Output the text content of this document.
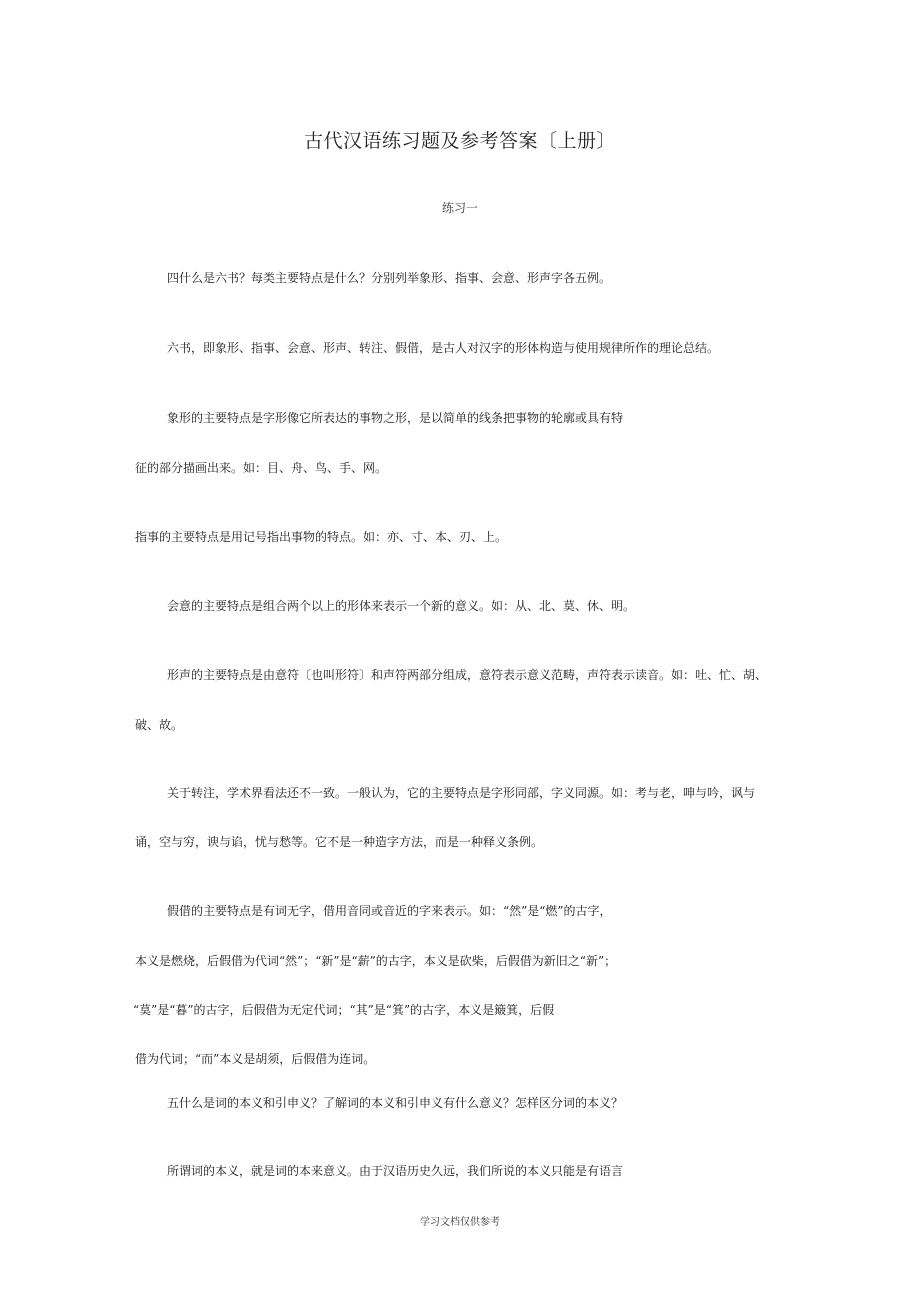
古代汉语练习题及参考答案〔上册〕
练习一
四什么是六书？每类主要特点是什么？分别列举象形、指事、会意、形声字各五例。
六书，即象形、指事、会意、形声、转注、假借，是古人对汉字的形体构造与使用规律所作的理论总结。
象形的主要特点是字形像它所表达的事物之形，是以简单的线条把事物的轮廓或具有特
征的部分描画出来。如：目、舟、鸟、手、网。
指事的主要特点是用记号指出事物的特点。如：亦、寸、本、刃、上。
会意的主要特点是组合两个以上的形体来表示一个新的意义。如：从、北、莫、休、明。
形声的主要特点是由意符〔也叫形符〕和声符两部分组成，意符表示意义范畴，声符表示读音。如：吐、忙、胡、
破、故。
关于转注，学术界看法还不一致。一般认为，它的主要特点是字形同部，字义同源。如：考与老，呻与吟，讽与
诵，空与穷，谀与谄，忧与愁等。它不是一种造字方法，而是一种释义条例。
假借的主要特点是有词无字，借用音同或音近的字来表示。如：“然”是“燃”的古字，
本义是燃烧，后假借为代词“然”；“新”是“薪”的古字，本义是砍柴，后假借为新旧之“新”；
“莫”是“暮”的古字，后假借为无定代词；“其”是“箕”的古字，本义是簸箕，后假
借为代词；“而”本义是胡须，后假借为连词。
五什么是词的本义和引申义？了解词的本义和引申义有什么意义？怎样区分词的本义？
所谓词的本义，就是词的本来意义。由于汉语历史久远，我们所说的本义只能是有语言
学习文档仅供参考
